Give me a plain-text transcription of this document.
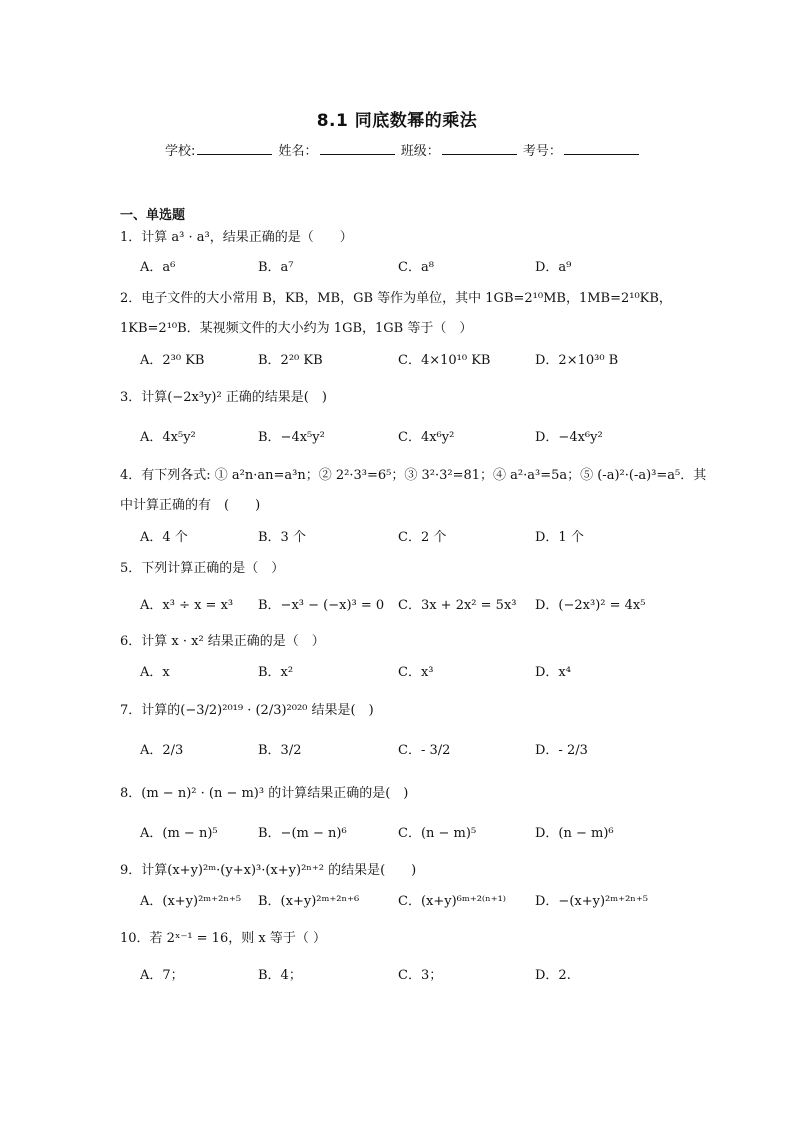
8.1 同底数幂的乘法
学校:	姓名：	班级：	考号：
一、单选题
1．计算 a³ · a³，结果正确的是（　　）
A．a⁶	B．a⁷	C．a⁸	D．a⁹
2．电子文件的大小常用 B，KB，MB，GB 等作为单位，其中 1GB=2¹⁰MB，1MB=2¹⁰KB，
1KB=2¹⁰B．某视频文件的大小约为 1GB，1GB 等于（　）
A．2³⁰ KB	B．2²⁰ KB	C．4×10¹⁰ KB	D．2×10³⁰ B
3．计算(−2x³y)² 正确的结果是(　)
A．4x⁵y²	B．−4x⁵y²	C．4x⁶y²	D．−4x⁶y²
4．有下列各式: ① a²n·an=a³n；② 2²·3³=6⁵；③ 3²·3²=81；④ a²·a³=5a；⑤ (-a)²·(-a)³=a⁵．其
中计算正确的有　(　　)
A．4 个	B．3 个	C．2 个	D．1 个
5．下列计算正确的是（　）
A．x³ ÷ x = x³ B．−x³ − (−x)³ = 0 C．3x + 2x² = 5x³ D．(−2x³)² = 4x⁵
6．计算 x · x² 结果正确的是（　）
A．x	B．x²	C．x³	D．x⁴
7．计算的(−3/2)²⁰¹⁹ · (2/3)²⁰²⁰ 结果是(　)
A．2/3	B．3/2	C．- 3/2	D．- 2/3
8．(m − n)² · (n − m)³ 的计算结果正确的是(　)
A．(m − n)⁵	B．−(m − n)⁶	C．(n − m)⁵	D．(n − m)⁶
9．计算(x+y)²ᵐ·(y+x)³·(x+y)²ⁿ⁺² 的结果是(　　)
A．(x+y)²ᵐ⁺²ⁿ⁺⁵ B．(x+y)²ᵐ⁺²ⁿ⁺⁶	C．(x+y)⁶ᵐ⁺²⁽ⁿ⁺¹⁾ D．−(x+y)²ᵐ⁺²ⁿ⁺⁵
10．若 2ˣ⁻¹ = 16，则 x 等于（ ）
A．7；	B．4；	C．3；	D．2.
